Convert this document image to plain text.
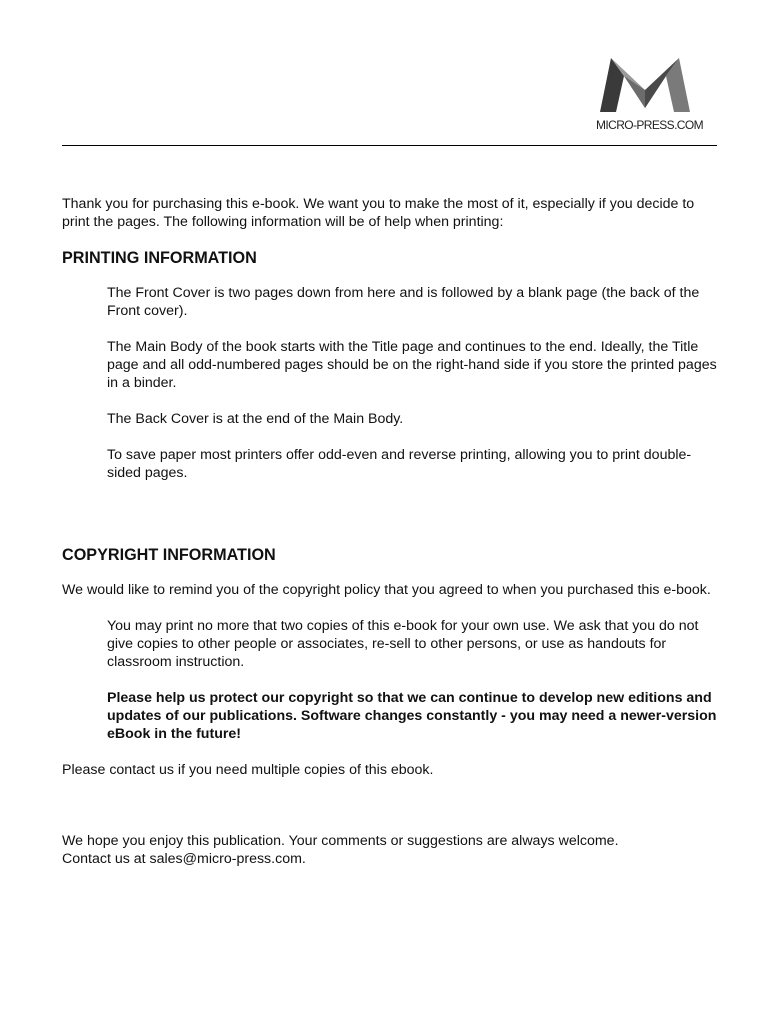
MICRO-PRESS.COM

Thank you for purchasing this e-book. We want you to make the most of it, especially if you decide to print the pages. The following information will be of help when printing:

PRINTING INFORMATION

The Front Cover is two pages down from here and is followed by a blank page (the back of the Front cover).

The Main Body of the book starts with the Title page and continues to the end. Ideally, the Title page and all odd-numbered pages should be on the right-hand side if you store the printed pages in a binder.

The Back Cover is at the end of the Main Body.

To save paper most printers offer odd-even and reverse printing, allowing you to print double-sided pages.

COPYRIGHT INFORMATION

We would like to remind you of the copyright policy that you agreed to when you purchased this e-book.

You may print no more that two copies of this e-book for your own use. We ask that you do not give copies to other people or associates, re-sell to other persons, or use as handouts for classroom instruction.

Please help us protect our copyright so that we can continue to develop new editions and updates of our publications. Software changes constantly - you may need a newer-version eBook in the future!

Please contact us if you need multiple copies of this ebook.

We hope you enjoy this publication. Your comments or suggestions are always welcome.

Contact us at sales@micro-press.com.
